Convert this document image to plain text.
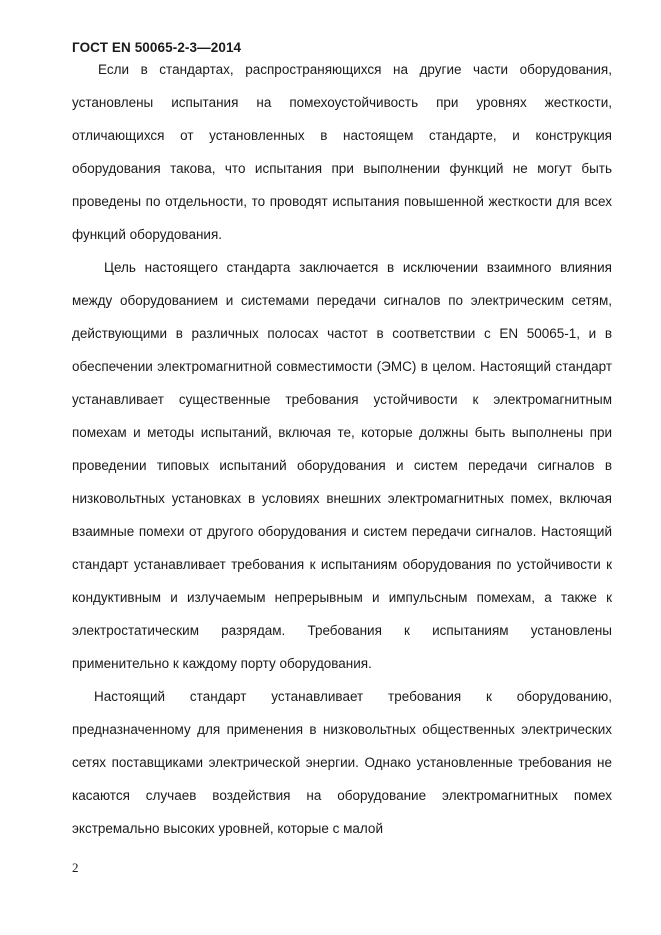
ГОСТ EN 50065-2-3—2014

Если в стандартах, распространяющихся на другие части оборудования, установлены испытания на помехоустойчивость при уровнях жесткости, отличающихся от установленных в настоящем стандарте, и конструкция оборудования такова, что испытания при выполнении функций не могут быть проведены по отдельности, то проводят испытания повышенной жесткости для всех функций оборудования.

Цель настоящего стандарта заключается в исключении взаимного влияния между оборудованием и системами передачи сигналов по электрическим сетям, действующими в различных полосах частот в соответствии с EN 50065-1, и в обеспечении электромагнитной совместимости (ЭМС) в целом. Настоящий стандарт устанавливает существенные требования устойчивости к электромагнитным помехам и методы испытаний, включая те, которые должны быть выполнены при проведении типовых испытаний оборудования и систем передачи сигналов в низковольтных установках в условиях внешних электромагнитных помех, включая взаимные помехи от другого оборудования и систем передачи сигналов. Настоящий стандарт устанавливает требования к испытаниям оборудования по устойчивости к кондуктивным и излучаемым непрерывным и импульсным помехам, а также к электростатическим разрядам. Требования к испытаниям установлены применительно к каждому порту оборудования.

Настоящий стандарт устанавливает требования к оборудованию, предназначенному для применения в низковольтных общественных электрических сетях поставщиками электрической энергии. Однако установленные требования не касаются случаев воздействия на оборудование электромагнитных помех экстремально высоких уровней, которые с малой

2
